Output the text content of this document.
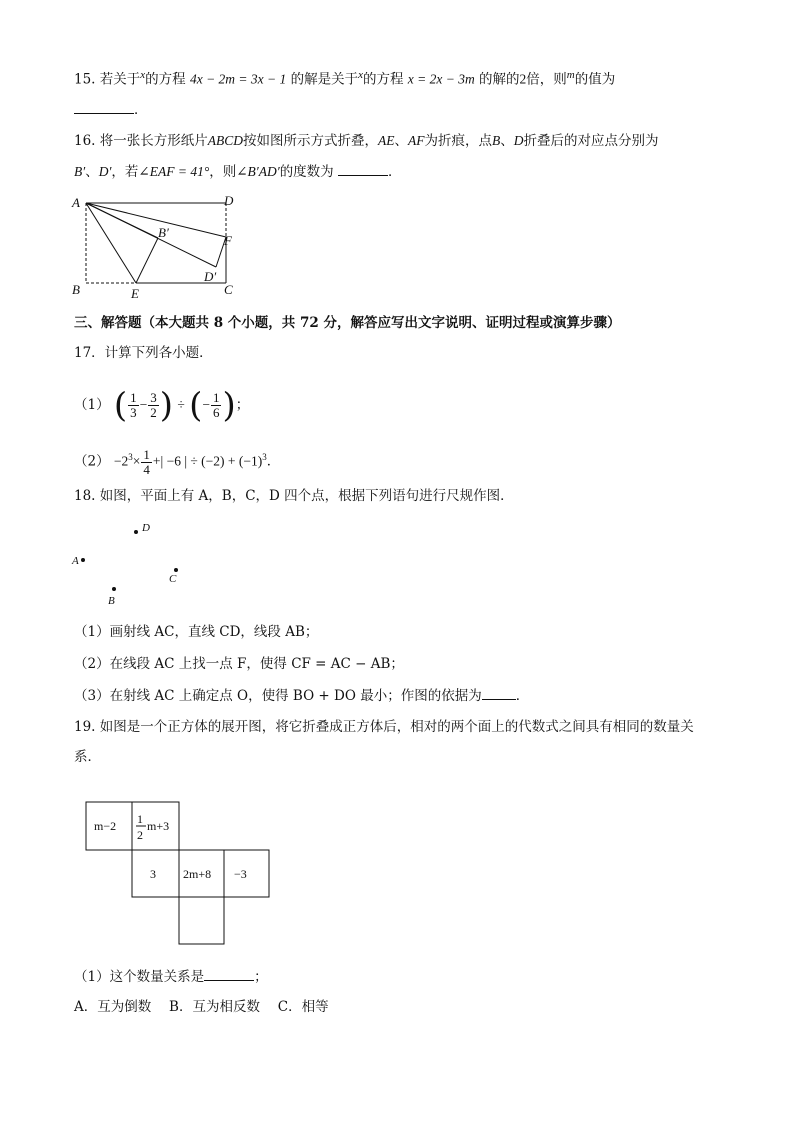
15. 若关于$^x$的方程 4x − 2m = 3x − 1 的解是关于$^x$的方程 x = 2x − 3m 的解的2倍，则$^m$的值为
．
16. 将一张长方形纸片ABCD按如图所示方式折叠，AE、AF为折痕，点B、D折叠后的对应点分别为
B′、D′，若∠EAF = 41°，则∠B′AD′的度数为	．
A	D
B′
F
D′
B	E	C
三、解答题（本大题共 8 个小题，共 72 分，解答应写出文字说明、证明过程或演算步骤）
17．计算下列各小题．
（1） ( $\frac{1}{3} - \frac{3}{2}$ ) ÷ (− $\frac{1}{6}$ )；
$(2) -2^3\times \frac{1}{4}$ +| −6 | ÷ $(-2) + (-1)^3$．
18. 如图，平面上有 A，B，C，D 四个点，根据下列语句进行尺规作图．
D
A
C
B
（1）画射线 AC，直线 CD，线段 AB；
（2）在线段 AC 上找一点 F，使得 CF = AC − AB；
（3）在射线 AC 上确定点 O，使得 BO + DO 最小；作图的依据为	．
19. 如图是一个正方体的展开图，将它折叠成正方体后，相对的两个面上的代数式之间具有相同的数量关
系．
m−2 1
2
m+3
3 2m+8 −3
（1）这个数量关系是	；
A．互为倒数　 B．互为相反数　 C．相等
